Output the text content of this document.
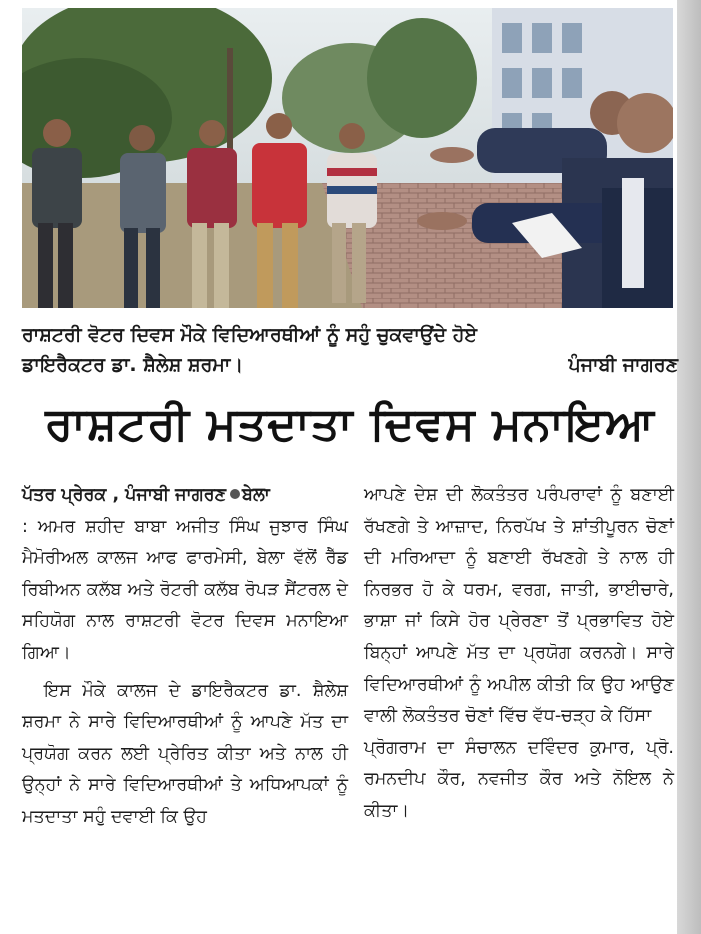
ਰਾਸ਼ਟਰੀ ਵੋਟਰ ਦਿਵਸ ਮੌਕੇ ਵਿਦਿਆਰਥੀਆਂ ਨੂੰ ਸਹੁੰ ਚੁਕਵਾਉਂਦੇ ਹੋਏ
ਡਾਇਰੈਕਟਰ ਡਾ. ਸ਼ੈਲੇਸ਼ ਸ਼ਰਮਾ।	ਪੰਜਾਬੀ ਜਾਗਰਣ
ਰਾਸ਼ਟਰੀ ਮਤਦਾਤਾ ਦਿਵਸ ਮਨਾਇਆ

ਪੱਤਰ ਪ੍ਰੇਰਕ , ਪੰਜਾਬੀ ਜਾਗਰਣ ਬੇਲਾ

: ਅਮਰ ਸ਼ਹੀਦ ਬਾਬਾ ਅਜੀਤ ਸਿੰਘ ਜੁਝਾਰ ਸਿੰਘ ਮੈਮੋਰੀਅਲ ਕਾਲਜ ਆਫ ਫਾਰਮੇਸੀ, ਬੇਲਾ ਵੱਲੋਂ ਰੈੱਡ ਰਿਬੀਅਨ ਕਲੱਬ ਅਤੇ ਰੋਟਰੀ ਕਲੱਬ ਰੋਪੜ ਸੈਂਟਰਲ ਦੇ ਸਹਿਯੋਗ ਨਾਲ ਰਾਸ਼ਟਰੀ ਵੋਟਰ ਦਿਵਸ ਮਨਾਇਆ ਗਿਆ।

ਇਸ ਮੌਕੇ ਕਾਲਜ ਦੇ ਡਾਇਰੈਕਟਰ ਡਾ. ਸ਼ੈਲੇਸ਼ ਸ਼ਰਮਾ ਨੇ ਸਾਰੇ ਵਿਦਿਆਰਥੀਆਂ ਨੂੰ ਆਪਣੇ ਮੱਤ ਦਾ ਪ੍ਰਯੋਗ ਕਰਨ ਲਈ ਪ੍ਰੇਰਿਤ ਕੀਤਾ ਅਤੇ ਨਾਲ ਹੀ ਉਨ੍ਹਾਂ ਨੇ ਸਾਰੇ ਵਿਦਿਆਰਥੀਆਂ ਤੇ ਅਧਿਆਪਕਾਂ ਨੂੰ ਮਤਦਾਤਾ ਸਹੁੰ ਦਵਾਈ ਕਿ ਉਹ

ਆਪਣੇ ਦੇਸ਼ ਦੀ ਲੋਕਤੰਤਰ ਪਰੰਪਰਾਵਾਂ ਨੂੰ ਬਣਾਈ ਰੱਖਣਗੇ ਤੇ ਆਜ਼ਾਦ, ਨਿਰਪੱਖ ਤੇ ਸ਼ਾਂਤੀਪੂਰਨ ਚੋਣਾਂ ਦੀ ਮਰਿਆਦਾ ਨੂੰ ਬਣਾਈ ਰੱਖਣਗੇ ਤੇ ਨਾਲ ਹੀ ਨਿਰਭਰ ਹੋ ਕੇ ਧਰਮ, ਵਰਗ, ਜਾਤੀ, ਭਾਈਚਾਰੇ, ਭਾਸ਼ਾ ਜਾਂ ਕਿਸੇ ਹੋਰ ਪ੍ਰੇਰਣਾ ਤੋਂ ਪ੍ਰਭਾਵਿਤ ਹੋਏ ਬਿਨ੍ਹਾਂ ਆਪਣੇ ਮੱਤ ਦਾ ਪ੍ਰਯੋਗ ਕਰਨਗੇ। ਸਾਰੇ ਵਿਦਿਆਰਥੀਆਂ ਨੂੰ ਅਪੀਲ ਕੀਤੀ ਕਿ ਉਹ ਆਉਣ ਵਾਲੀ ਲੋਕਤੰਤਰ ਚੋਣਾਂ ਵਿੱਚ ਵੱਧ-ਚੜ੍ਹ ਕੇ ਹਿੱਸਾ

ਪ੍ਰੋਗਰਾਮ ਦਾ ਸੰਚਾਲਨ ਦਵਿੰਦਰ ਕੁਮਾਰ, ਪ੍ਰੋ. ਰਮਨਦੀਪ ਕੌਰ, ਨਵਜੀਤ ਕੌਰ ਅਤੇ ਨੋਇਲ ਨੇ ਕੀਤਾ।
